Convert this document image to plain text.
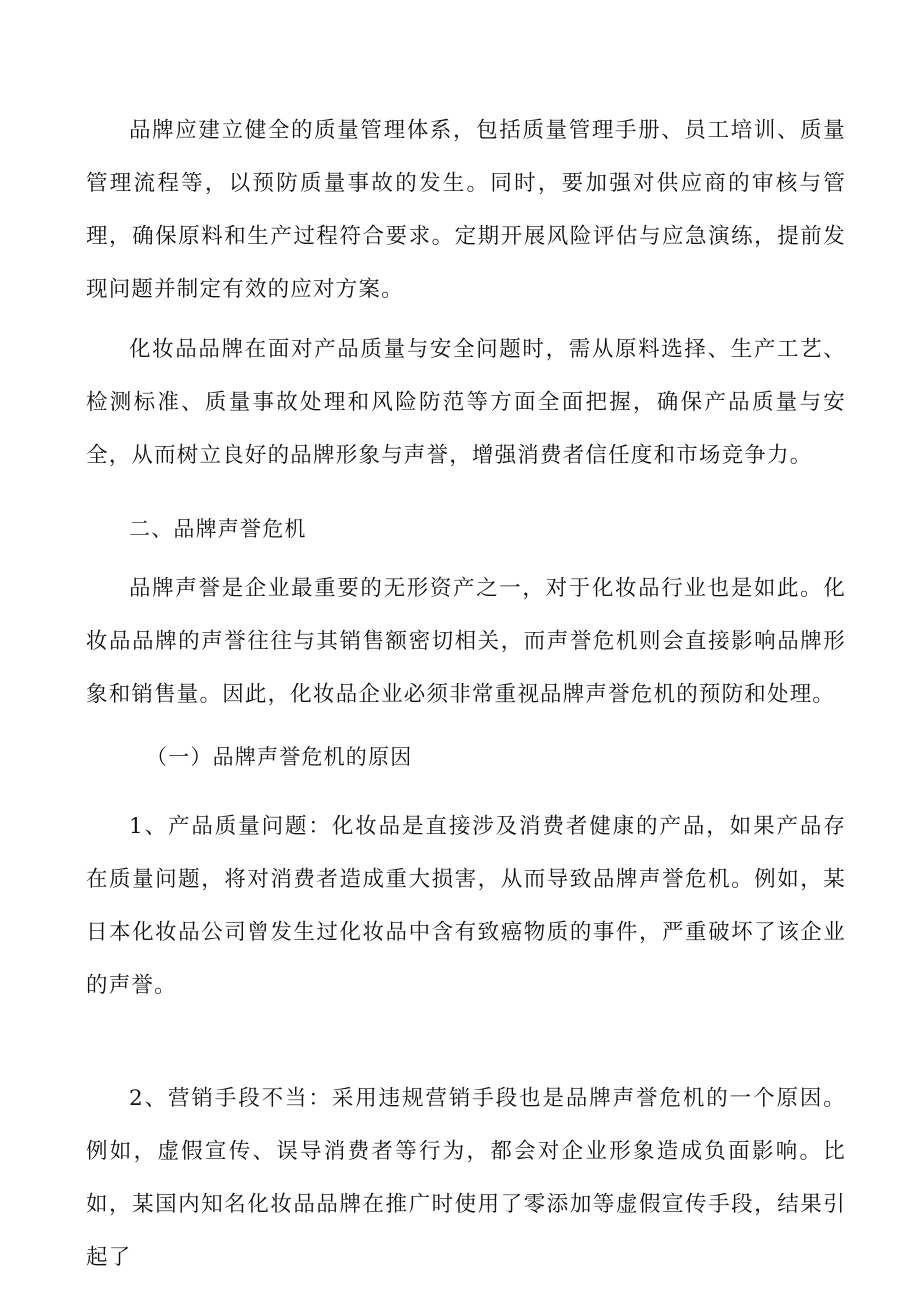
品牌应建立健全的质量管理体系，包括质量管理手册、员工培训、质量管理流程等，以预防质量事故的发生。同时，要加强对供应商的审核与管理，确保原料和生产过程符合要求。定期开展风险评估与应急演练，提前发现问题并制定有效的应对方案。

化妆品品牌在面对产品质量与安全问题时，需从原料选择、生产工艺、检测标准、质量事故处理和风险防范等方面全面把握，确保产品质量与安全，从而树立良好的品牌形象与声誉，增强消费者信任度和市场竞争力。

二、品牌声誉危机

品牌声誉是企业最重要的无形资产之一，对于化妆品行业也是如此。化妆品品牌的声誉往往与其销售额密切相关，而声誉危机则会直接影响品牌形象和销售量。因此，化妆品企业必须非常重视品牌声誉危机的预防和处理。

（一）品牌声誉危机的原因

1、产品质量问题：化妆品是直接涉及消费者健康的产品，如果产品存在质量问题，将对消费者造成重大损害，从而导致品牌声誉危机。例如，某日本化妆品公司曾发生过化妆品中含有致癌物质的事件，严重破坏了该企业的声誉。

2、营销手段不当：采用违规营销手段也是品牌声誉危机的一个原因。例如，虚假宣传、误导消费者等行为，都会对企业形象造成负面影响。比如，某国内知名化妆品品牌在推广时使用了零添加等虚假宣传手段，结果引起了
